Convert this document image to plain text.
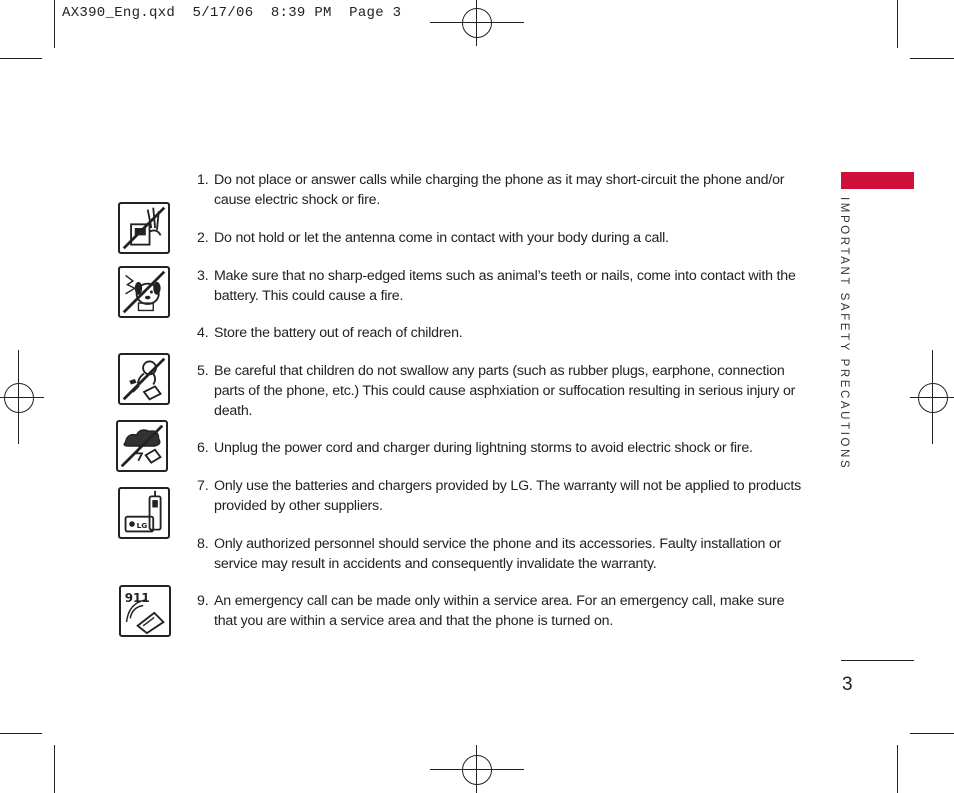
AX390_Eng.qxd  5/17/06  8:39 PM  Page 3
LG
911
1. Do not place or answer calls while charging the phone as it may short-circuit the phone and/or cause electric shock or fire.
2. Do not hold or let the antenna come in contact with your body during a call.
3. Make sure that no sharp-edged items such as animal’s teeth or nails, come into contact with the battery. This could cause a fire.
4. Store the battery out of reach of children.
5. Be careful that children do not swallow any parts (such as rubber plugs, earphone, connection parts of the phone, etc.) This could cause asphxiation or suffocation resulting in serious injury or death.
6. Unplug the power cord and charger during lightning storms to avoid electric shock or fire.
7. Only use the batteries and chargers provided by LG. The warranty will not be applied to products provided by other suppliers.
8. Only authorized personnel should service the phone and its accessories. Faulty installation or service may result in accidents and consequently invalidate the warranty.
9. An emergency call can be made only within a service area. For an emergency call, make sure that you are within a service area and that the phone is turned on.
IMPORTANT SAFETY PRECAUTIONS
3
